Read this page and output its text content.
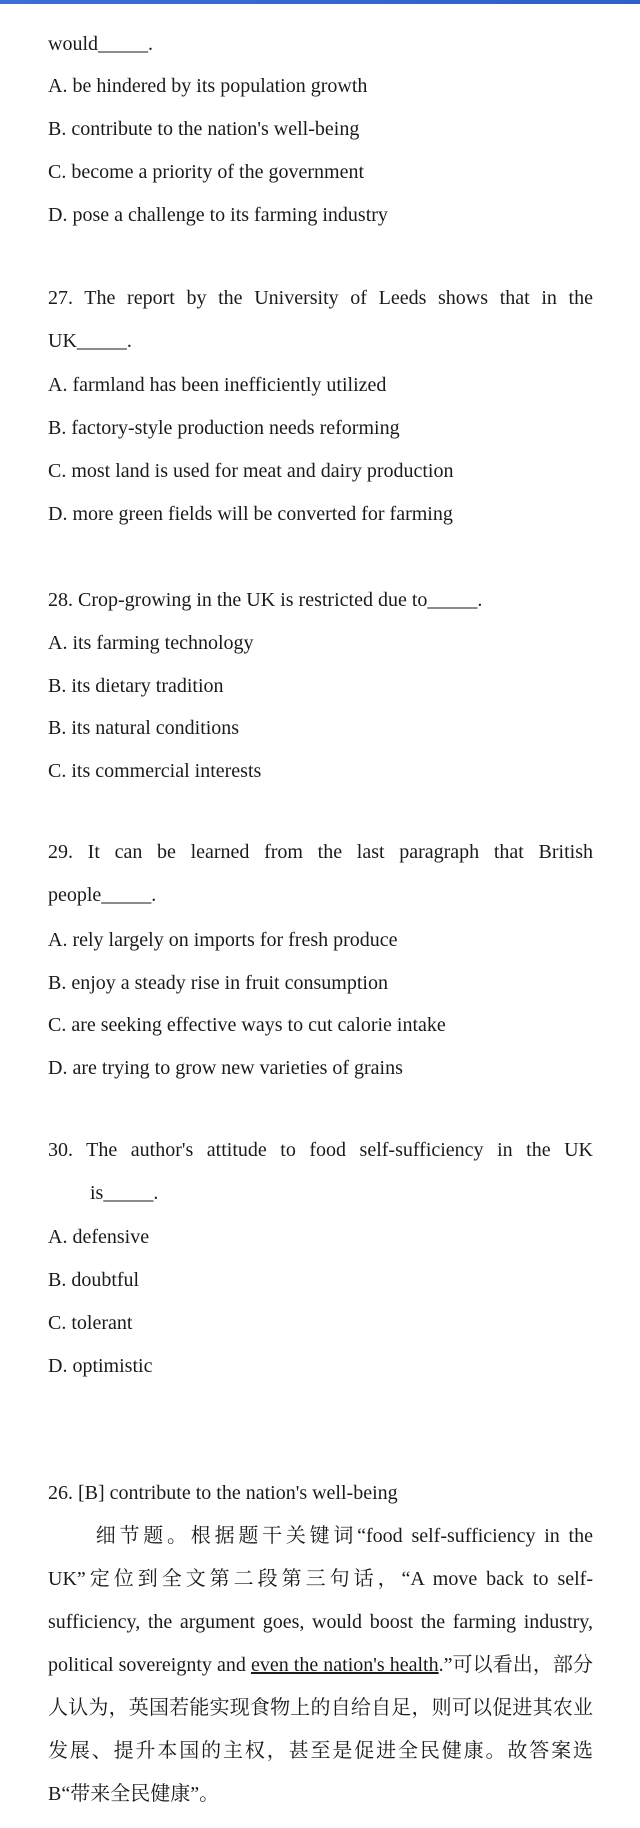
would_____.
A. be hindered by its population growth
B. contribute to the nation's well-being
C. become a priority of the government
D. pose a challenge to its farming industry
27. The report by the University of Leeds shows that in the
UK_____.
A. farmland has been inefficiently utilized
B. factory-style production needs reforming
C. most land is used for meat and dairy production
D. more green fields will be converted for farming
28. Crop-growing in the UK is restricted due to_____.
A. its farming technology
B. its dietary tradition
B. its natural conditions
C. its commercial interests
29. It can be learned from the last paragraph that British
people_____.
A. rely largely on imports for fresh produce
B. enjoy a steady rise in fruit consumption
C. are seeking effective ways to cut calorie intake
D. are trying to grow new varieties of grains
30. The author's attitude to food self-sufficiency in the UK
is_____.
A. defensive
B. doubtful
C. tolerant
D. optimistic
26. [B] contribute to the nation's well-being
细节题。根据题干关键词“food self-sufficiency in the UK”定位到全文第二段第三句话，“A move back to self-sufficiency, the argument goes, would boost the farming industry, political sovereignty and even the nation's health.”可以看出，部分人认为，英国若能实现食物上的自给自足，则可以促进其农业发展、提升本国的主权，甚至是促进全民健康。故答案选 B“带来全民健康”。
